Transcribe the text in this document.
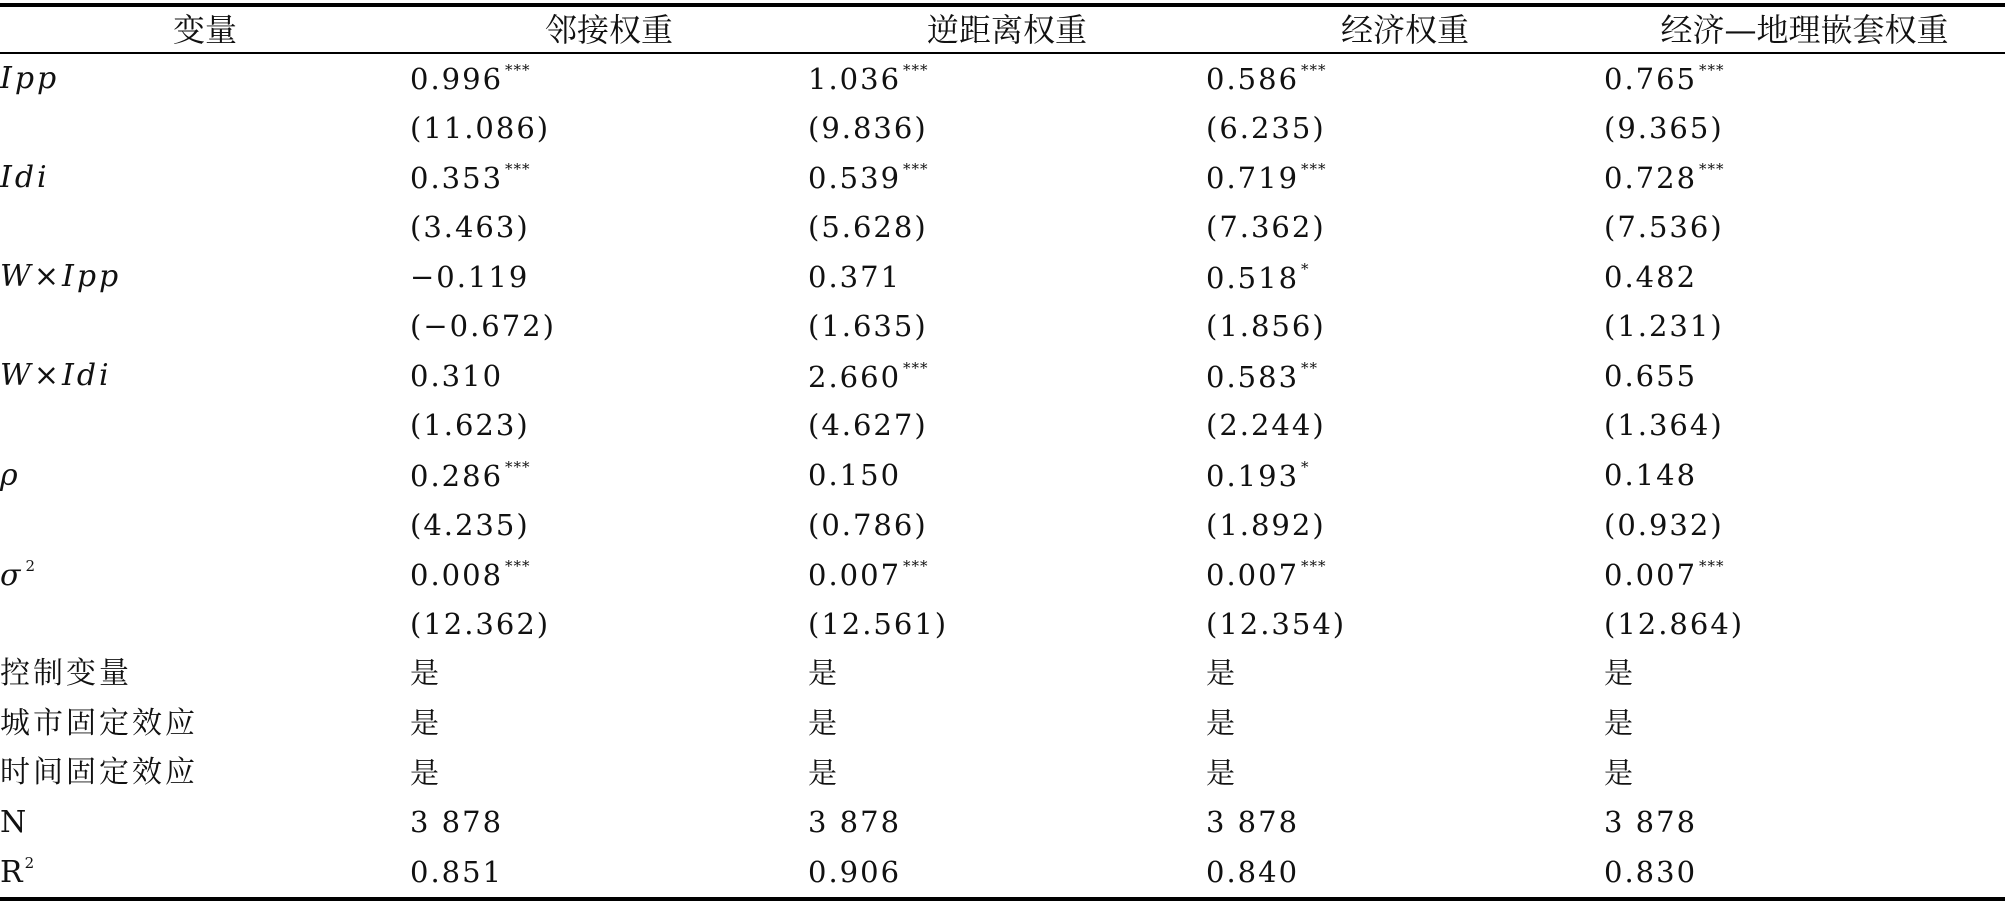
变量	邻接权重	逆距离权重	经济权重	经济—地理嵌套权重
Ipp	0.996 ***	1.036 ***	0.586 ***	0.765 ***
	(11.086)	(9.836)	(6.235)	(9.365)
Idi	0.353 ***	0.539 ***	0.719 ***	0.728 ***
	(3.463)	(5.628)	(7.362)	(7.536)
W×Ipp	−0.119	0.371	0.518 *	0.482
	(−0.672)	(1.635)	(1.856)	(1.231)
W×Idi	0.310	2.660 ***	0.583 **	0.655
	(1.623)	(4.627)	(2.244)	(1.364)
ρ	0.286 ***	0.150	0.193 *	0.148
	(4.235)	(0.786)	(1.892)	(0.932)
σ $^2$	0.008 ***	0.007 ***	0.007 ***	0.007 ***
	(12.362)	(12.561)	(12.354)	(12.864)
控制变量	是	是	是	是
城市固定效应	是	是	是	是
时间固定效应	是	是	是	是
N	3 878	3 878	3 878	3 878
R $^2$	0.851	0.906	0.840	0.830
